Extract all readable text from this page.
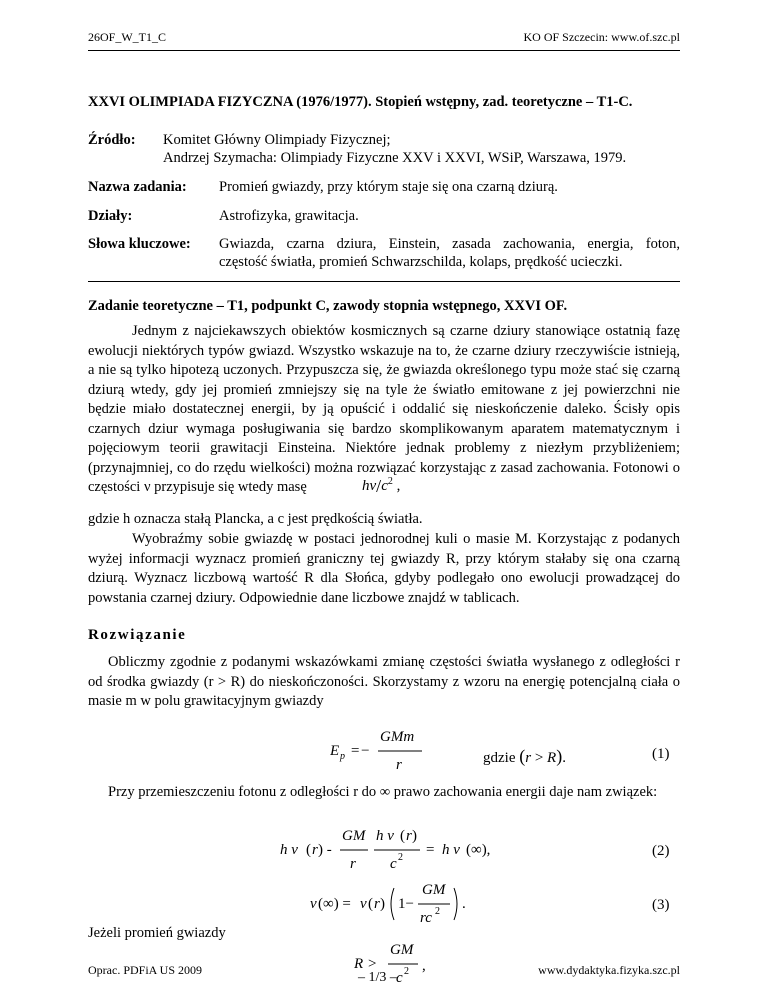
26OF_W_T1_C	KO OF Szczecin: www.of.szc.pl
XXVI OLIMPIADA FIZYCZNA (1976/1977). Stopień wstępny, zad. teoretyczne – T1-C.
Źródło: Komitet Główny Olimpiady Fizycznej;
Andrzej Szymacha: Olimpiady Fizyczne XXV i XXVI, WSiP, Warszawa, 1979.
Nazwa zadania: Promień gwiazdy, przy którym staje się ona czarną dziurą.
Działy:	Astrofizyka, grawitacja.
Słowa kluczowe: Gwiazda, czarna dziura, Einstein, zasada zachowania, energia, foton,
częstość światła, promień Schwarzschilda, kolaps, prędkość ucieczki.
Zadanie teoretyczne – T1, podpunkt C, zawody stopnia wstępnego, XXVI OF.

Jednym z najciekawszych obiektów kosmicznych są czarne dziury stanowiące ostatnią fazę ewolucji niektórych typów gwiazd. Wszystko wskazuje na to, że czarne dziury rzeczywiście istnieją, a nie są tylko hipotezą uczonych. Przypuszcza się, że gwiazda określonego typu może stać się czarną dziurą wtedy, gdy jej promień zmniejszy się na tyle że światło emitowane z jej powierzchni nie będzie miało dostatecznej energii, by ją opuścić i oddalić się nieskończenie daleko. Ścisły opis czarnych dziur wymaga posługiwania się bardzo skomplikowanym aparatem matematycznym i pojęciowym teorii grawitacji Einsteina. Niektóre jednak problemy z niezłym przybliżeniem; (przynajmniej, co do rzędu wielkości) można rozwiązać korzystając z zasad zachowania. Fotonowi o częstości ν przypisuje się wtedy masę	$h\nu/c^2$ ,

gdzie h oznacza stałą Plancka, a c jest prędkością światła.

Wyobraźmy sobie gwiazdę w postaci jednorodnej kuli o masie M. Korzystając z podanych wyżej informacji wyznacz promień graniczny tej gwiazdy R, przy którym stałaby się ona czarną dziurą. Wyznacz liczbową wartość R dla Słońca, gdyby podlegało ono ewolucji prowadzącej do powstania czarnej dziury. Odpowiednie dane liczbowe znajdź w tablicach.

Rozwiązanie

Obliczmy zgodnie z podanymi wskazówkami zmianę częstości światła wysłanego z odległości r od środka gwiazdy (r > R) do nieskończoności. Skorzystamy z wzoru na energię potencjalną ciała o masie m w polu grawitacyjnym gwiazdy

E p =−
GMm
r	gdzie (r > R).	(1)

Przy przemieszczeniu fotonu z odległości r do ∞ prawo zachowania energii daje nam związek:

h ν ( r ) -
GM
r
h ν ( r )
c 2 = h ν (∞),	(2)
ν (∞) = ν ( r ) 1−
GM
rc 2 .	(3)

Jeżeli promień gwiazdy

R >
GM
c 2 ,
Oprac. PDFiA US 2009	– 1/3 –	www.dydaktyka.fizyka.szc.pl
